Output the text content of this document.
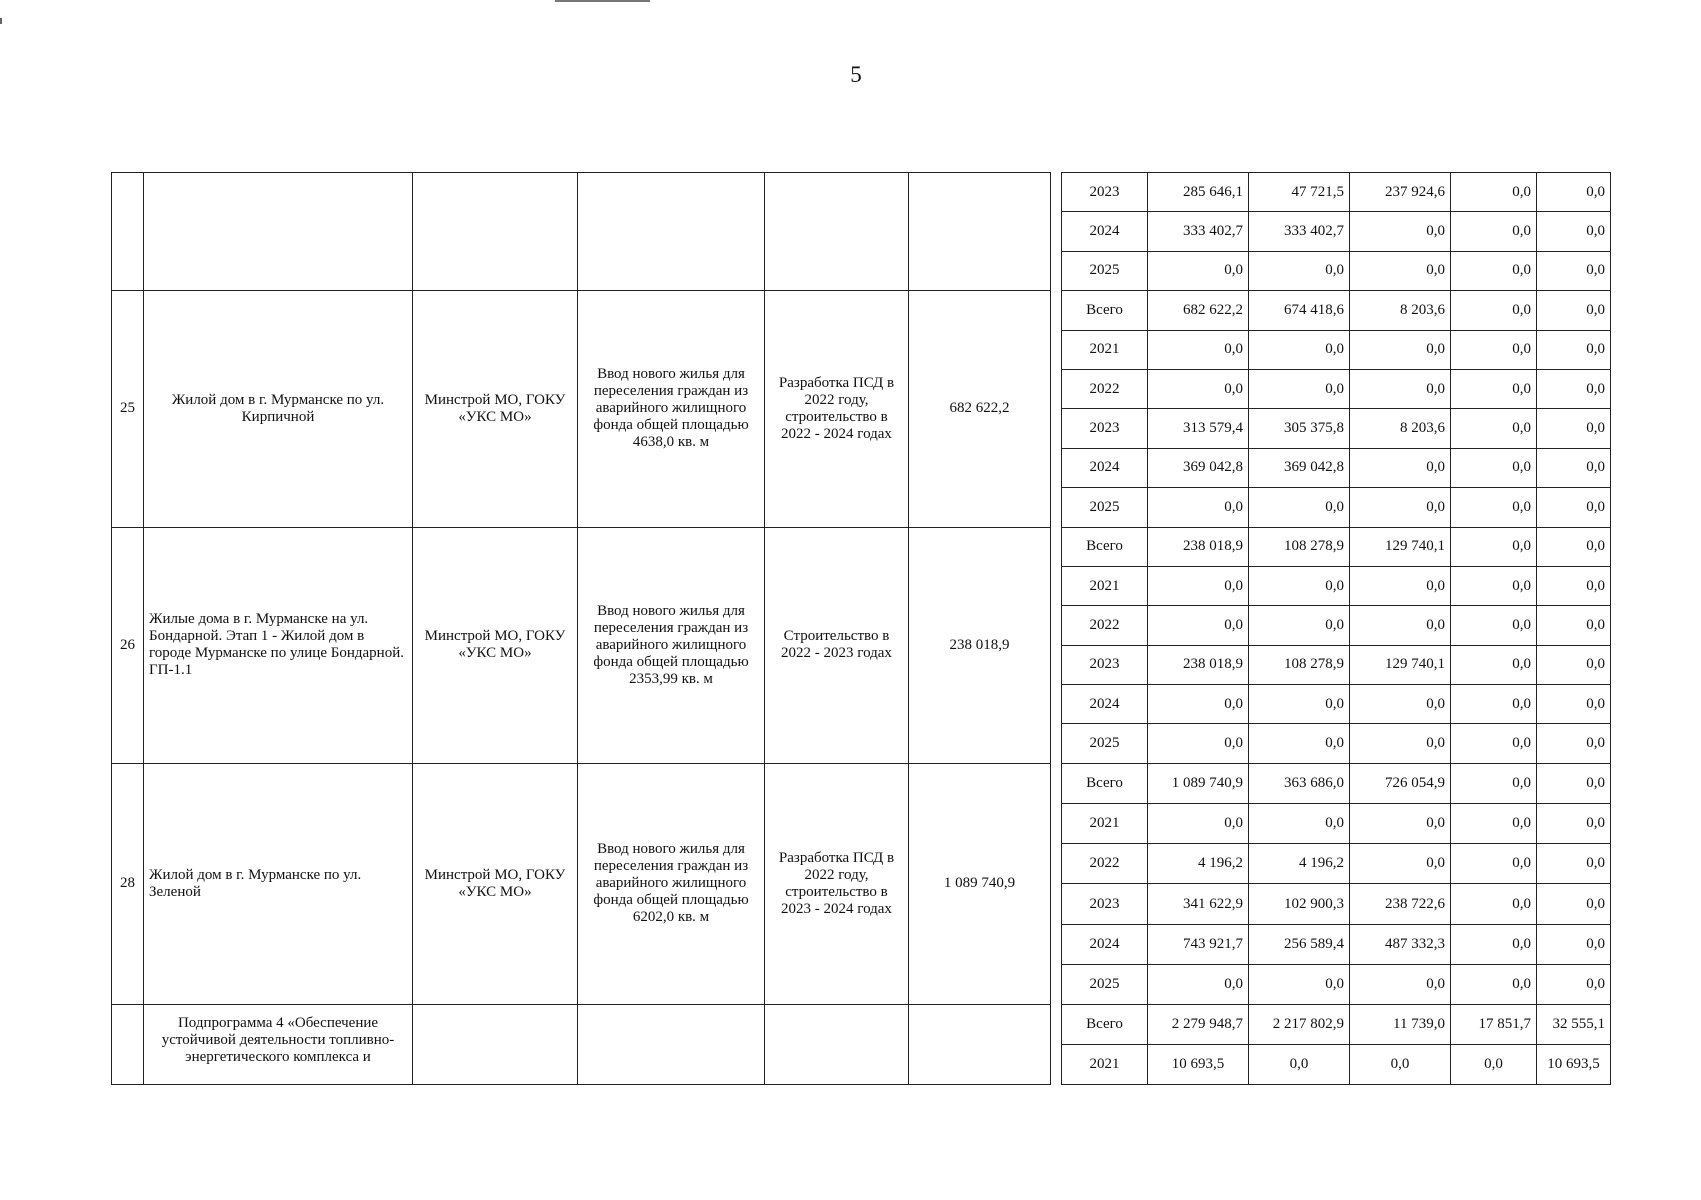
5
							2023	285 646,1	47 721,5	237 924,6	0,0	0,0
							2024	333 402,7	333 402,7	0,0	0,0	0,0
							2025	0,0	0,0	0,0	0,0	0,0
25	Жилой дом в г. Мурманске по ул. Кирпичной	Минстрой МО, ГОКУ «УКС МО»	Ввод нового жилья для переселения граждан из аварийного жилищного фонда общей площадью 4638,0 кв. м	Разработка ПСД в 2022 году, строительство в 2022 - 2024 годах	682 622,2		Всего	682 622,2	674 418,6	8 203,6	0,0	0,0
							2021	0,0	0,0	0,0	0,0	0,0
							2022	0,0	0,0	0,0	0,0	0,0
							2023	313 579,4	305 375,8	8 203,6	0,0	0,0
							2024	369 042,8	369 042,8	0,0	0,0	0,0
							2025	0,0	0,0	0,0	0,0	0,0
26	Жилые дома в г. Мурманске на ул. Бондарной. Этап 1 - Жилой дом в городе Мурманске по улице Бондарной. ГП-1.1	Минстрой МО, ГОКУ «УКС МО»	Ввод нового жилья для переселения граждан из аварийного жилищного фонда общей площадью 2353,99 кв. м	Строительство в 2022 - 2023 годах	238 018,9		Всего	238 018,9	108 278,9	129 740,1	0,0	0,0
							2021	0,0	0,0	0,0	0,0	0,0
							2022	0,0	0,0	0,0	0,0	0,0
							2023	238 018,9	108 278,9	129 740,1	0,0	0,0
							2024	0,0	0,0	0,0	0,0	0,0
							2025	0,0	0,0	0,0	0,0	0,0
28	Жилой дом в г. Мурманске по ул. Зеленой	Минстрой МО, ГОКУ «УКС МО»	Ввод нового жилья для переселения граждан из аварийного жилищного фонда общей площадью 6202,0 кв. м	Разработка ПСД в 2022 году, строительство в 2023 - 2024 годах	1 089 740,9		Всего	1 089 740,9	363 686,0	726 054,9	0,0	0,0
							2021	0,0	0,0	0,0	0,0	0,0
							2022	4 196,2	4 196,2	0,0	0,0	0,0
							2023	341 622,9	102 900,3	238 722,6	0,0	0,0
							2024	743 921,7	256 589,4	487 332,3	0,0	0,0
							2025	0,0	0,0	0,0	0,0	0,0
	Подпрограмма 4 «Обеспечение устойчивой деятельности топливно-энергетического комплекса и						Всего	2 279 948,7	2 217 802,9	11 739,0	17 851,7	32 555,1
							2021	10 693,5	0,0	0,0	0,0	10 693,5
